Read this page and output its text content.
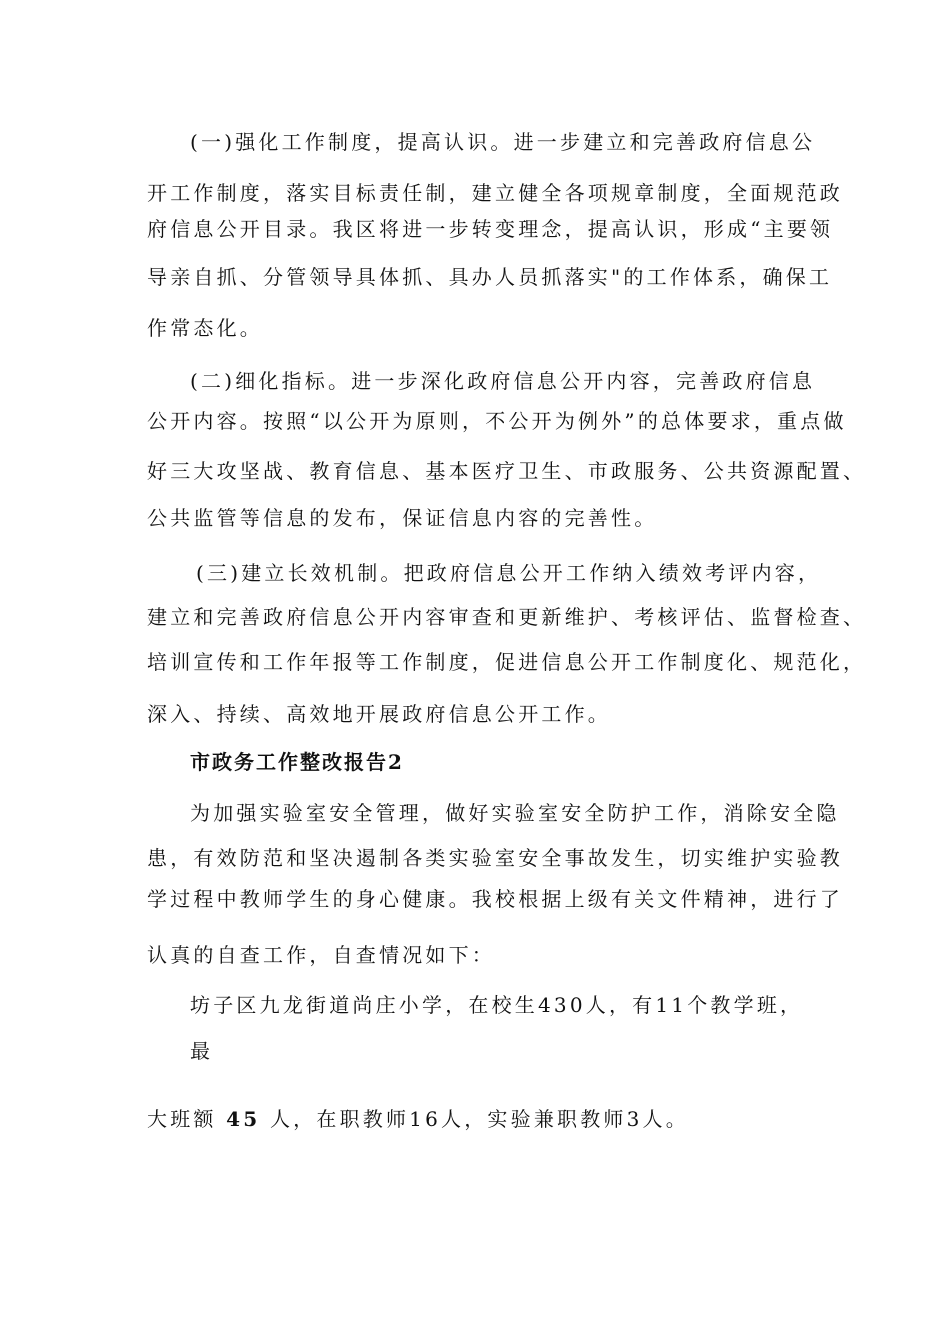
(一)强化工作制度，提高认识。进一步建立和完善政府信息公
开工作制度，落实目标责任制，建立健全各项规章制度，全面规范政
府信息公开目录。我区将进一步转变理念，提高认识，形成“主要领
导亲自抓、分管领导具体抓、具办人员抓落实"的工作体系，确保工
作常态化。
(二)细化指标。进一步深化政府信息公开内容，完善政府信息
公开内容。按照“以公开为原则，不公开为例外”的总体要求，重点做
好三大攻坚战、教育信息、基本医疗卫生、市政服务、公共资源配置、
公共监管等信息的发布，保证信息内容的完善性。
(三)建立长效机制。把政府信息公开工作纳入绩效考评内容，
建立和完善政府信息公开内容审查和更新维护、考核评估、监督检查、
培训宣传和工作年报等工作制度，促进信息公开工作制度化、规范化，
深入、持续、高效地开展政府信息公开工作。
市政务工作整改报告2
为加强实验室安全管理，做好实验室安全防护工作，消除安全隐
患，有效防范和坚决遏制各类实验室安全事故发生，切实维护实验教
学过程中教师学生的身心健康。我校根据上级有关文件精神，进行了
认真的自查工作，自查情况如下：
坊子区九龙街道尚庄小学，在校生430人，有11个教学班，
最
大班额 45 人，在职教师16人，实验兼职教师3人。
